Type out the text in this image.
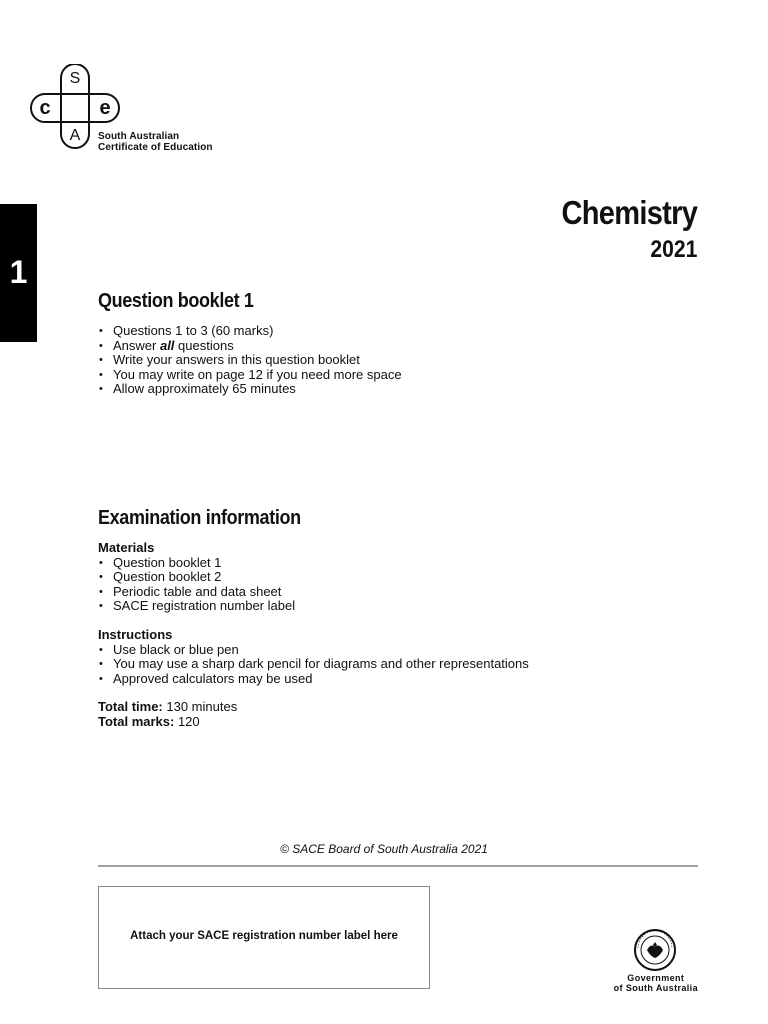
S
c e
A South Australian
Certificate of Education
1
Chemistry
2021
Question booklet 1
• Questions 1 to 3 (60 marks)
• Answer all questions
• Write your answers in this question booklet
• You may write on page 12 if you need more space
• Allow approximately 65 minutes
Examination information
Materials
• Question booklet 1
• Question booklet 2
• Periodic table and data sheet
• SACE registration number label
Instructions
• Use black or blue pen
• You may use a sharp dark pencil for diagrams and other representations
• Approved calculators may be used
Total time: 130 minutes
Total marks: 120
© SACE Board of South Australia 2021
Attach your SACE registration number label here
Government
of South Australia
